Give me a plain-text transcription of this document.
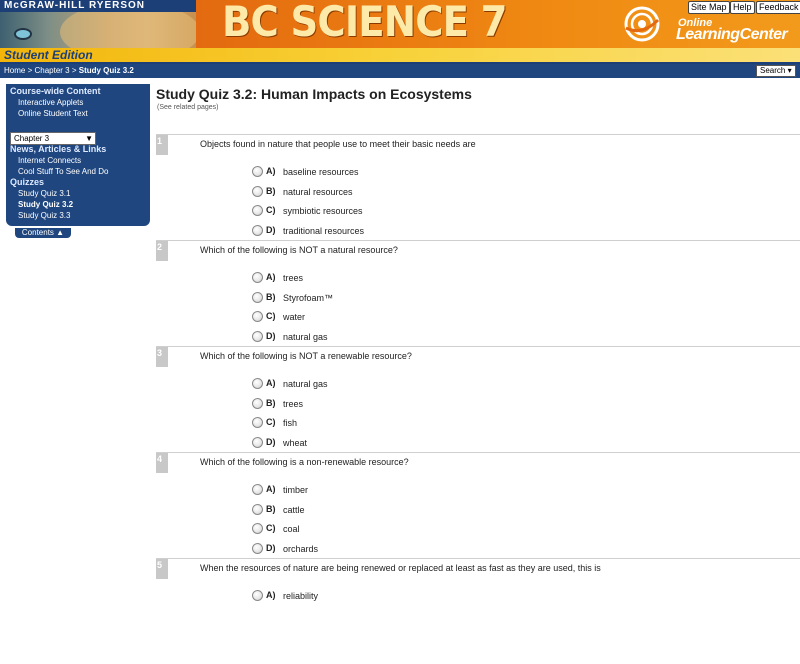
McGRAW-HILL RYERSON BC SCIENCE 7	Online
LearningCenter
Site Map Help Feedback
Student Edition
Home > Chapter 3 > Study Quiz 3.2	Search ▾
Course-wide Content
Interactive Applets
Online Student Text
Chapter 3	▼
News, Articles & Links
Internet Connects
Cool Stuff To See And Do
Quizzes
Study Quiz 3.1
Study Quiz 3.2
Study Quiz 3.3
Contents ▲
Study Quiz 3.2: Human Impacts on Ecosystems
(See related pages)
1	Objects found in nature that people use to meet their basic needs are
A) baseline resources
B) natural resources
C) symbiotic resources
D) traditional resources
2	Which of the following is NOT a natural resource?
A) trees
B) Styrofoam™
C) water
D) natural gas
3	Which of the following is NOT a renewable resource?
A) natural gas
B) trees
C) fish
D) wheat
4	Which of the following is a non-renewable resource?
A) timber
B) cattle
C) coal
D) orchards
5	When the resources of nature are being renewed or replaced at least as fast as they are used, this is
A) reliability
